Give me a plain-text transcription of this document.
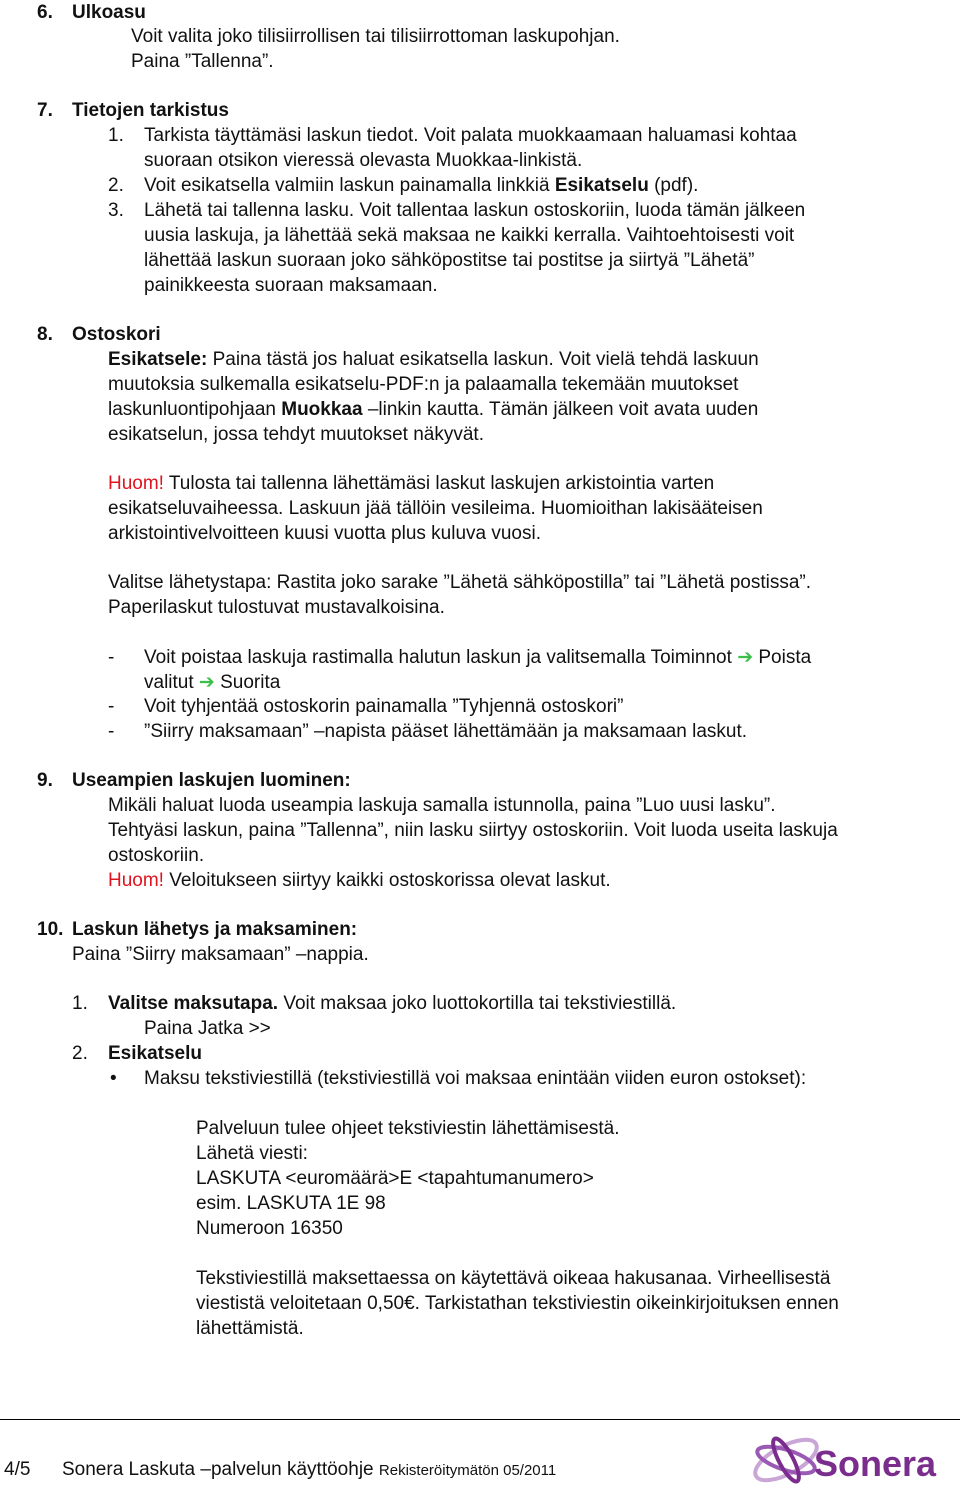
6. Ulkoasu
Voit valita joko tilisiirrollisen tai tilisiirrottoman laskupohjan.
Paina ”Tallenna”.
7. Tietojen tarkistus
1. Tarkista täyttämäsi laskun tiedot. Voit palata muokkaamaan haluamasi kohtaa
suoraan otsikon vieressä olevasta Muokkaa-linkistä.
2. Voit esikatsella valmiin laskun painamalla linkkiä Esikatselu (pdf).
3. Lähetä tai tallenna lasku. Voit tallentaa laskun ostoskoriin, luoda tämän jälkeen
uusia laskuja, ja lähettää sekä maksaa ne kaikki kerralla. Vaihtoehtoisesti voit
lähettää laskun suoraan joko sähköpostitse tai postitse ja siirtyä ”Lähetä”
painikkeesta suoraan maksamaan.
8. Ostoskori
Esikatsele: Paina tästä jos haluat esikatsella laskun. Voit vielä tehdä laskuun
muutoksia sulkemalla esikatselu-PDF:n ja palaamalla tekemään muutokset
laskunluontipohjaan Muokkaa –linkin kautta. Tämän jälkeen voit avata uuden
esikatselun, jossa tehdyt muutokset näkyvät.
Huom! Tulosta tai tallenna lähettämäsi laskut laskujen arkistointia varten
esikatseluvaiheessa. Laskuun jää tällöin vesileima. Huomioithan lakisääteisen
arkistointivelvoitteen kuusi vuotta plus kuluva vuosi.
Valitse lähetystapa: Rastita joko sarake ”Lähetä sähköpostilla” tai ”Lähetä postissa”.
Paperilaskut tulostuvat mustavalkoisina.
- Voit poistaa laskuja rastimalla halutun laskun ja valitsemalla Toiminnot ➔ Poista
valitut ➔ Suorita
- Voit tyhjentää ostoskorin painamalla ”Tyhjennä ostoskori”
- ”Siirry maksamaan” –napista pääset lähettämään ja maksamaan laskut.
9. Useampien laskujen luominen:
Mikäli haluat luoda useampia laskuja samalla istunnolla, paina ”Luo uusi lasku”.
Tehtyäsi laskun, paina ”Tallenna”, niin lasku siirtyy ostoskoriin. Voit luoda useita laskuja
ostoskoriin.
Huom! Veloitukseen siirtyy kaikki ostoskorissa olevat laskut.
10. Laskun lähetys ja maksaminen:
Paina ”Siirry maksamaan” –nappia.
1. Valitse maksutapa. Voit maksaa joko luottokortilla tai tekstiviestillä.
Paina Jatka >>
2. Esikatselu
• Maksu tekstiviestillä (tekstiviestillä voi maksaa enintään viiden euron ostokset):
Palveluun tulee ohjeet tekstiviestin lähettämisestä.
Lähetä viesti:
LASKUTA <euromäärä>E <tapahtumanumero>
esim. LASKUTA 1E 98
Numeroon 16350
Tekstiviestillä maksettaessa on käytettävä oikeaa hakusanaa. Virheellisestä
viestistä veloitetaan 0,50€. Tarkistathan tekstiviestin oikeinkirjoituksen ennen
lähettämistä.
4/5 Sonera Laskuta –palvelun käyttöohje Rekisteröitymätön 05/2011	Sonera
